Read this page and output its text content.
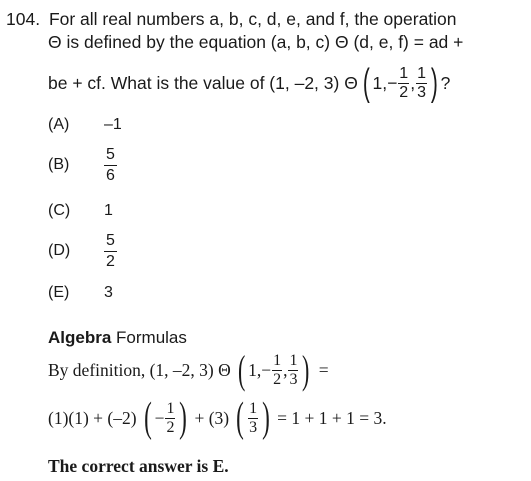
104. For all real numbers a, b, c, d, e, and f, the operation
Θ is defined by the equation (a, b, c) Θ (d, e, f) = ad +
be + cf. What is the value of (1, –2, 3) Θ ( $1,- \frac{1}{2}$ , $\frac{1}{3}$ ) ?
(A) –1
$(B) \frac{5}{6}$
(C) 1
$(D) \frac{5}{2}$
(E) 3
Algebra Formulas
By definition, (1, –2, 3) Θ ( $1,- \frac{1}{2}$ , $\frac{1}{3}$ ) =
(1)(1) + (–2) ( − $\frac{1}{2}$ ) + (3) ( $\frac{1}{3}$ ) = 1 + 1 + 1 = 3.
The correct answer is E.
